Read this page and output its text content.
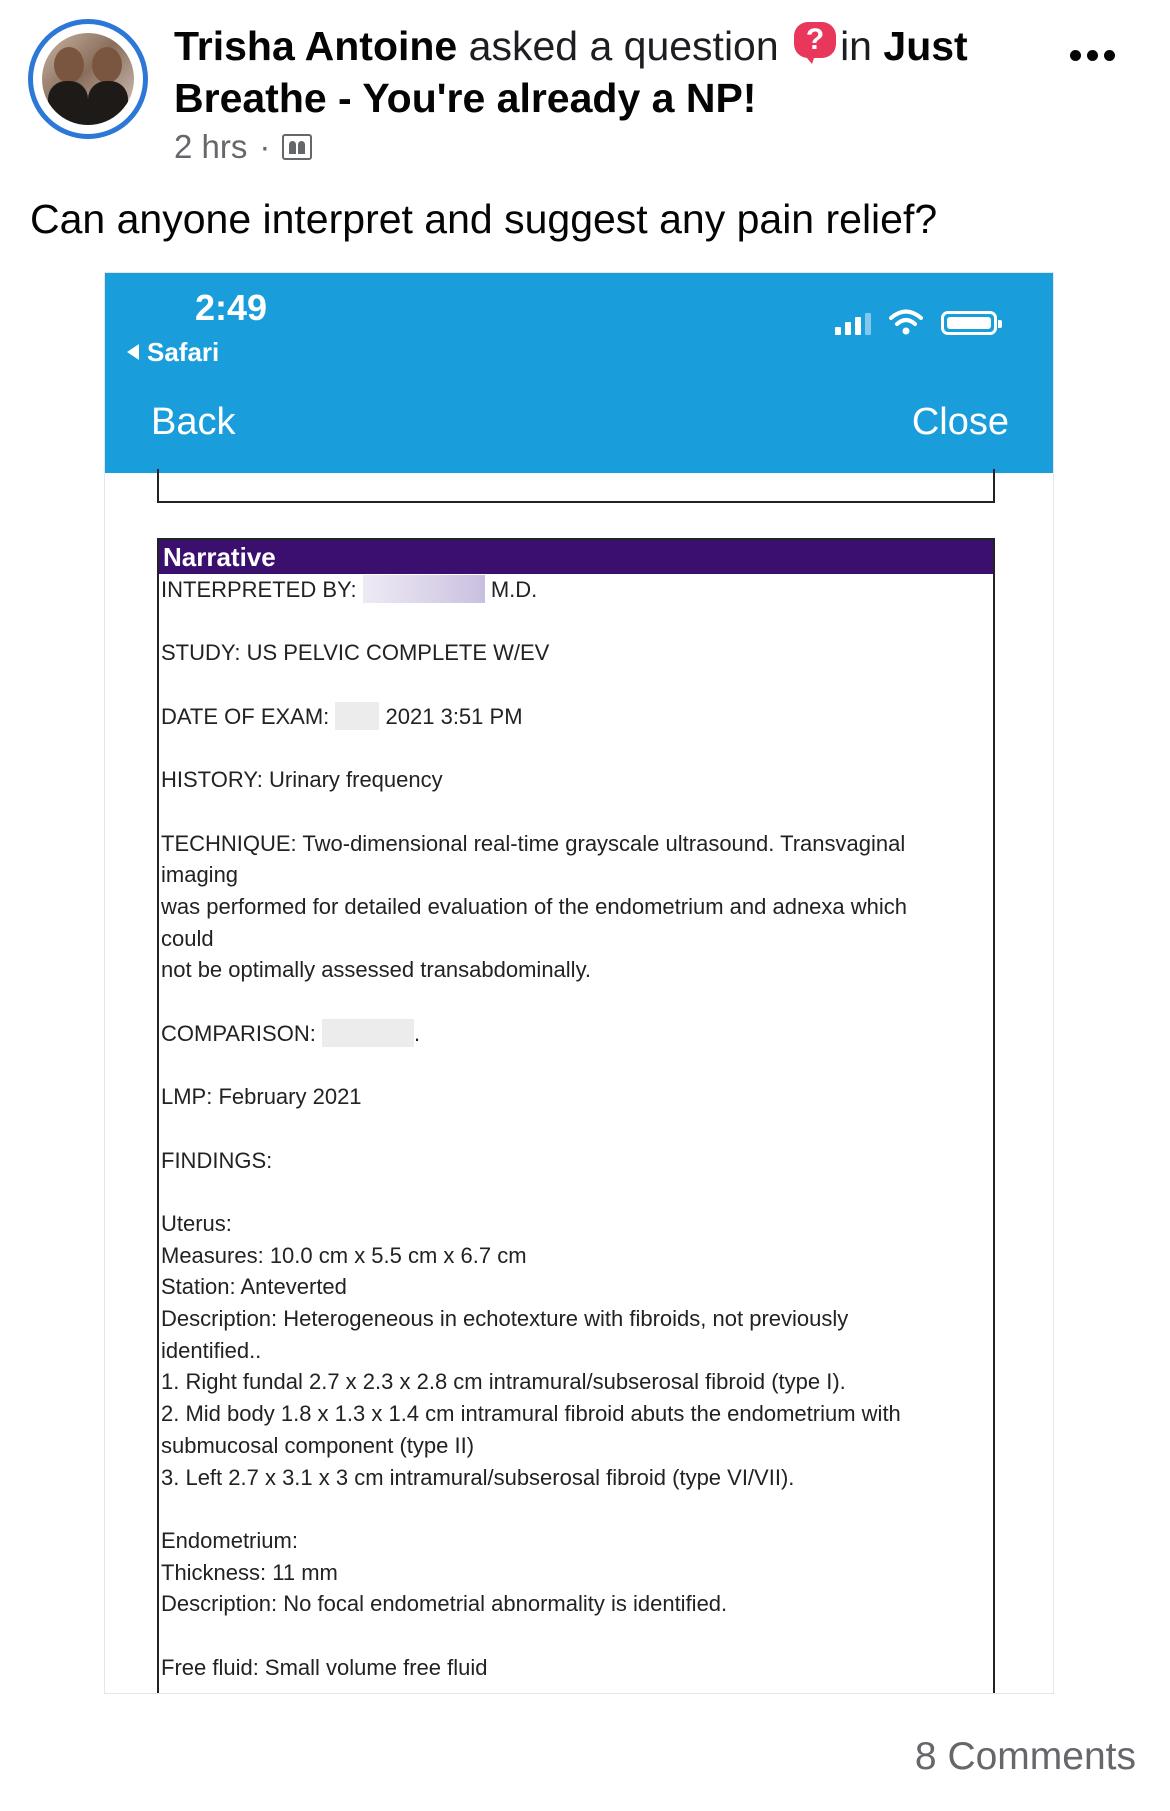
Trisha Antoine asked a question ? in Just Breathe - You're already a NP!
2 hrs ·
Can anyone interpret and suggest any pain relief?
2:49
Safari
Back	Close
Narrative

INTERPRETED BY:	M.D.

STUDY: US PELVIC COMPLETE W/EV

DATE OF EXAM:	2021 3:51 PM

HISTORY: Urinary frequency

TECHNIQUE: Two-dimensional real-time grayscale ultrasound. Transvaginal
imaging
was performed for detailed evaluation of the endometrium and adnexa which
could
not be optimally assessed transabdominally.

COMPARISON:	.

LMP: February 2021

FINDINGS:

Uterus:
Measures: 10.0 cm x 5.5 cm x 6.7 cm
Station: Anteverted
Description: Heterogeneous in echotexture with fibroids, not previously
identified..
1. Right fundal 2.7 x 2.3 x 2.8 cm intramural/subserosal fibroid (type I).
2. Mid body 1.8 x 1.3 x 1.4 cm intramural fibroid abuts the endometrium with
submucosal component (type II)
3. Left 2.7 x 3.1 x 3 cm intramural/subserosal fibroid (type VI/VII).

Endometrium:
Thickness: 11 mm
Description: No focal endometrial abnormality is identified.

Free fluid: Small volume free fluid

8 Comments
